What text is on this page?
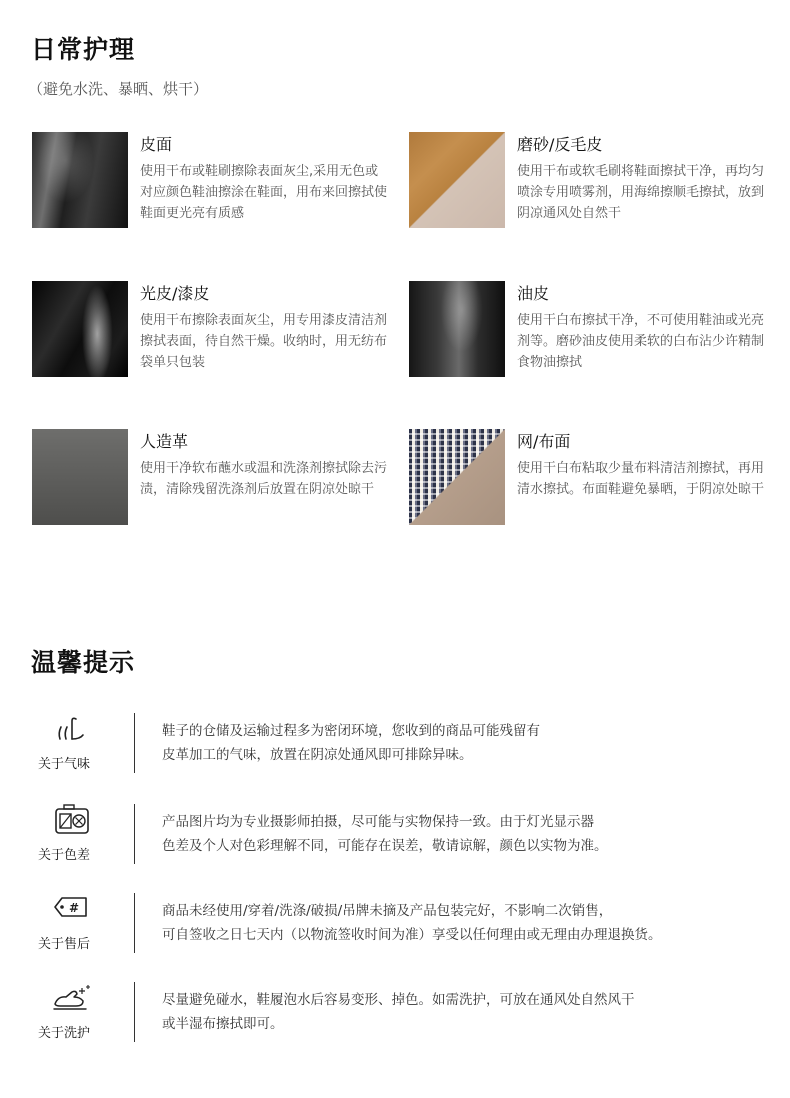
日常护理
（避免水洗、暴晒、烘干）
皮面
使用干布或鞋刷擦除表面灰尘,采用无色或对应颜色鞋油擦涂在鞋面，用布来回擦拭使鞋面更光亮有质感
磨砂/反毛皮
使用干布或软毛刷将鞋面擦拭干净，再均匀喷涂专用喷雾剂，用海绵擦顺毛擦拭，放到阴凉通风处自然干
光皮/漆皮
使用干布擦除表面灰尘，用专用漆皮清洁剂擦拭表面，待自然干燥。收纳时，用无纺布袋单只包装
油皮
使用干白布擦拭干净，不可使用鞋油或光亮剂等。磨砂油皮使用柔软的白布沾少许精制食物油擦拭
人造革
使用干净软布蘸水或温和洗涤剂擦拭除去污渍，清除残留洗涤剂后放置在阴凉处晾干
网/布面
使用干白布粘取少量布料清洁剂擦拭，再用清水擦拭。布面鞋避免暴晒，于阴凉处晾干
温馨提示
关于气味
鞋子的仓储及运输过程多为密闭环境，您收到的商品可能残留有
皮革加工的气味，放置在阴凉处通风即可排除异味。
关于色差
产品图片均为专业摄影师拍摄，尽可能与实物保持一致。由于灯光显示器
色差及个人对色彩理解不同，可能存在误差，敬请谅解，颜色以实物为准。
#
关于售后
商品未经使用/穿着/洗涤/破损/吊牌未摘及产品包装完好，不影响二次销售，
可自签收之日七天内（以物流签收时间为准）享受以任何理由或无理由办理退换货。
关于洗护
尽量避免碰水，鞋履泡水后容易变形、掉色。如需洗护，可放在通风处自然风干
或半湿布擦拭即可。
